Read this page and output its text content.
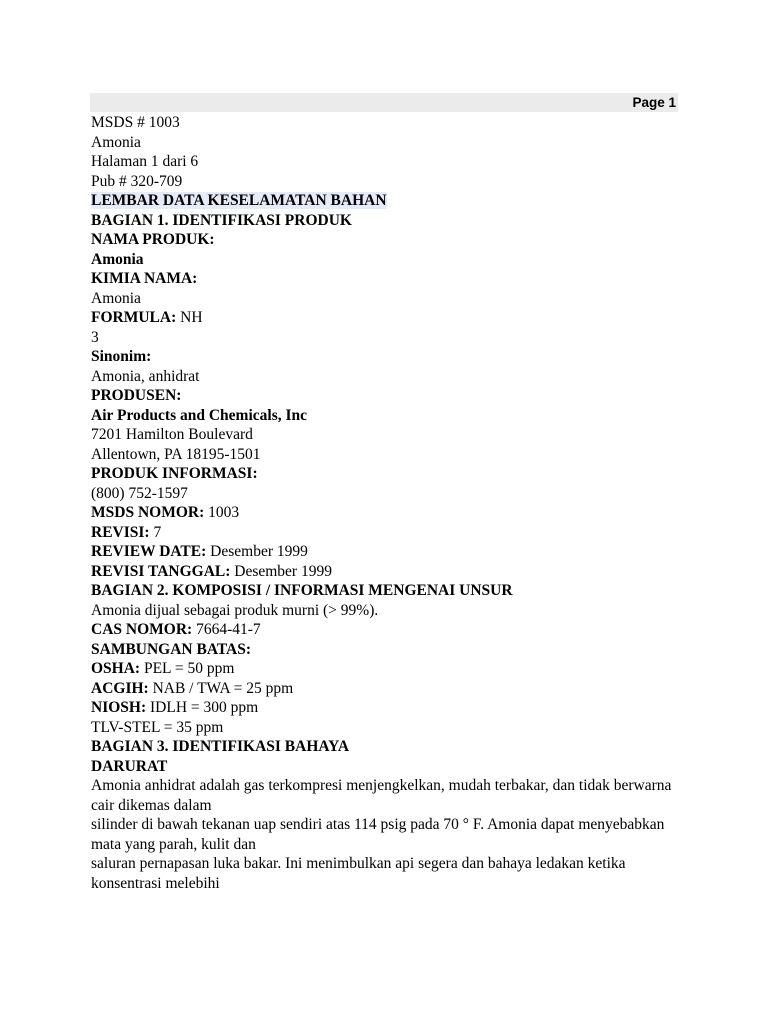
Page 1
MSDS # 1003
Amonia
Halaman 1 dari 6
Pub # 320-709
LEMBAR DATA KESELAMATAN BAHAN
BAGIAN 1. IDENTIFIKASI PRODUK
NAMA PRODUK:
Amonia
KIMIA NAMA:
Amonia
FORMULA: NH
3
Sinonim:
Amonia, anhidrat
PRODUSEN:
Air Products and Chemicals, Inc
7201 Hamilton Boulevard
Allentown, PA 18195-1501
PRODUK INFORMASI:
(800) 752-1597
MSDS NOMOR: 1003
REVISI: 7
REVIEW DATE: Desember 1999
REVISI TANGGAL: Desember 1999
BAGIAN 2. KOMPOSISI / INFORMASI MENGENAI UNSUR
Amonia dijual sebagai produk murni (> 99%).
CAS NOMOR: 7664-41-7
SAMBUNGAN BATAS:
OSHA: PEL = 50 ppm
ACGIH: NAB / TWA = 25 ppm
NIOSH: IDLH = 300 ppm
TLV-STEL = 35 ppm
BAGIAN 3. IDENTIFIKASI BAHAYA
DARURAT
Amonia anhidrat adalah gas terkompresi menjengkelkan, mudah terbakar, dan tidak berwarna cair dikemas dalam
silinder di bawah tekanan uap sendiri atas 114 psig pada 70 ° F. Amonia dapat menyebabkan mata yang parah, kulit dan
saluran pernapasan luka bakar. Ini menimbulkan api segera dan bahaya ledakan ketika konsentrasi melebihi
